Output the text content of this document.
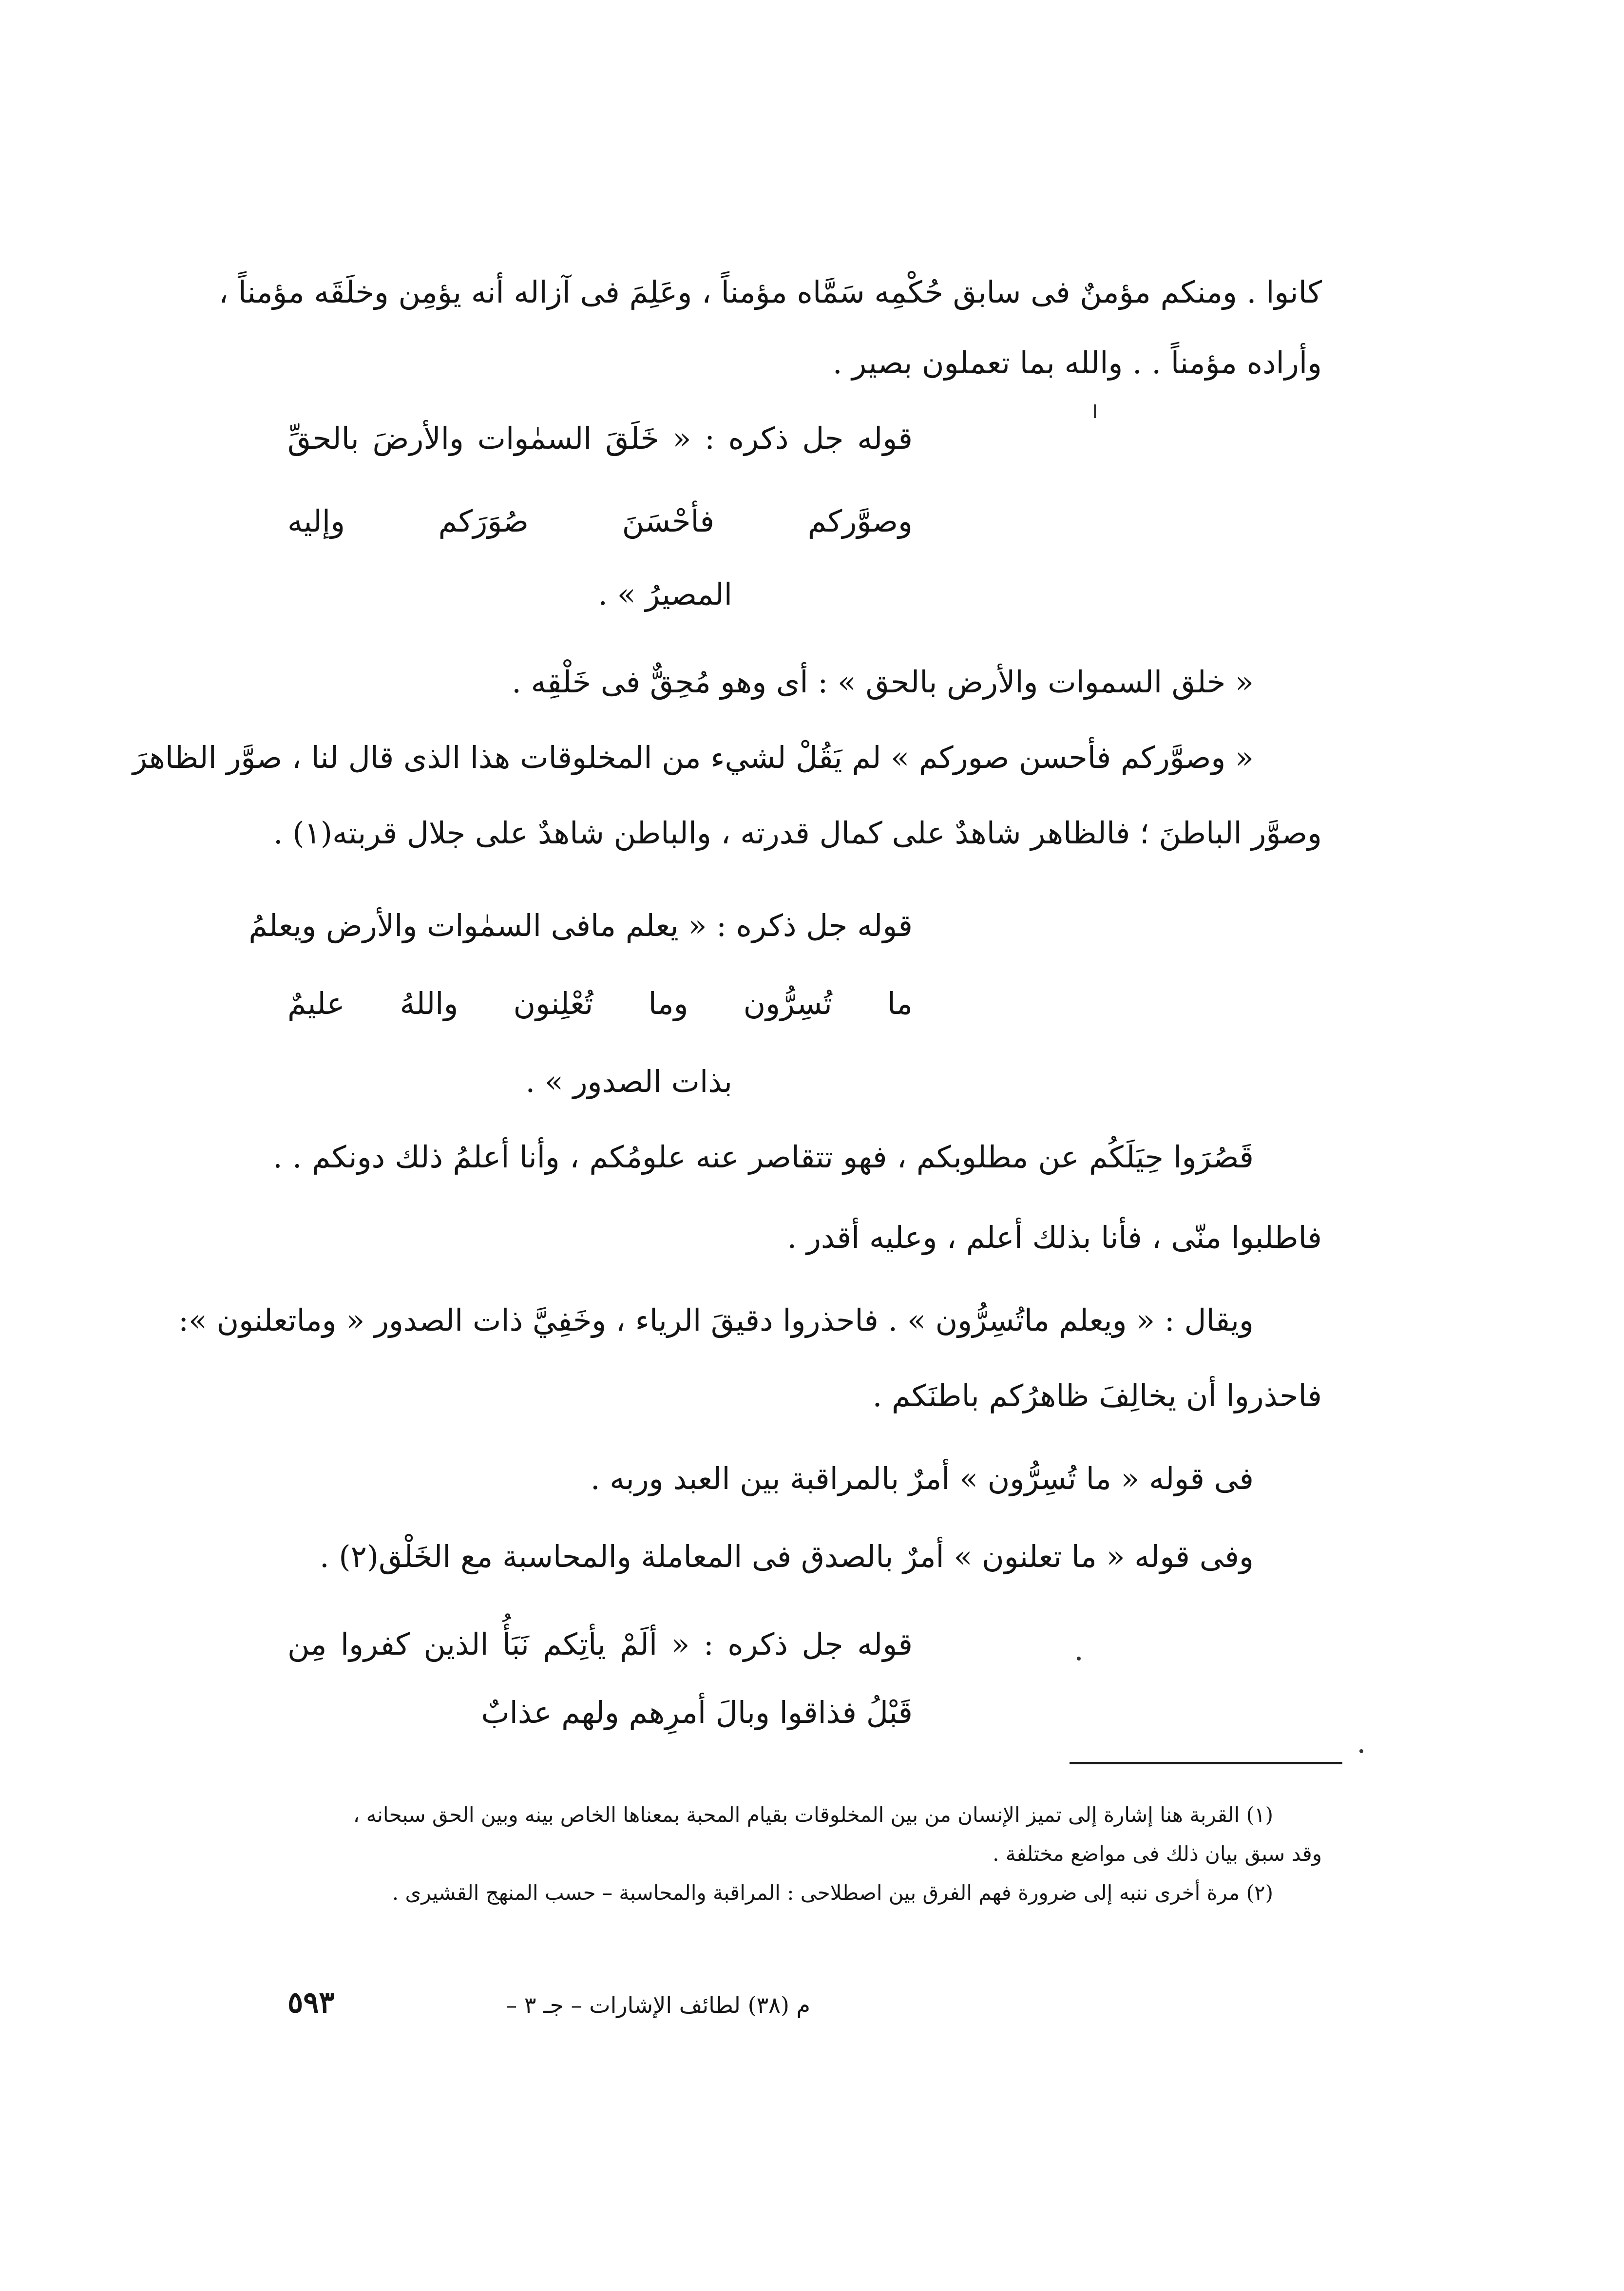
كانوا . ومنكم مؤمنٌ فى سابق حُكْمِه سَمَّاه مؤمناً ، وعَلِمَ فى آزاله أنه يؤمِن وخلَقَه مؤمناً ،
وأراده مؤمناً . . والله بما تعملون بصير .
قوله جل ذكره : « خَلَقَ السمٰوات والأرضَ بالحقِّ
وصوَّركم فأحْسَنَ صُوَرَكم وإليه
المصيرُ » .
« خلق السموات والأرض بالحق » : أى وهو مُحِقٌّ فى خَلْقِه .
« وصوَّركم فأحسن صوركم » لم يَقُلْ لشيء من المخلوقات هذا الذى قال لنا ، صوَّر الظاهرَ
وصوَّر الباطنَ ؛ فالظاهر شاهدٌ على كمال قدرته ، والباطن شاهدٌ على جلال قربته(١) .
قوله جل ذكره : « يعلم مافى السمٰوات والأرض ويعلمُ
ما تُسِرُّون وما تُعْلِنون واللهُ عليمٌ
بذات الصدور » .
قَصُرَوا حِيَلَكُم عن مطلوبكم ، فهو تتقاصر عنه علومُكم ، وأنا أعلمُ ذلك دونكم . .
فاطلبوا منّى ، فأنا بذلك أعلم ، وعليه أقدر .
ويقال : « ويعلم ماتُسِرُّون » . فاحذروا دقيقَ الرياء ، وخَفِيَّ ذات الصدور « وماتعلنون »:
فاحذروا أن يخالِفَ ظاهرُكم باطنَكم .
فى قوله « ما تُسِرُّون » أمرٌ بالمراقبة بين العبد وربه .
وفى قوله « ما تعلنون » أمرٌ بالصدق فى المعاملة والمحاسبة مع الخَلْق(٢) .
قوله جل ذكره : « ألَمْ يأتِكم نَبَأُ الذين كفروا مِن
قَبْلُ فذاقوا وبالَ أمرِهم ولهم عذابٌ
(١) القربة هنا إشارة إلى تميز الإنسان من بين المخلوقات بقيام المحبة بمعناها الخاص بينه وبين الحق سبحانه ،
وقد سبق بيان ذلك فى مواضع مختلفة .
(٢) مرة أخرى ننبه إلى ضرورة فهم الفرق بين اصطلاحى : المراقبة والمحاسبة – حسب المنهج القشيرى .
م (٣٨) لطائف الإشارات – جـ ٣ –
٥٩٣
